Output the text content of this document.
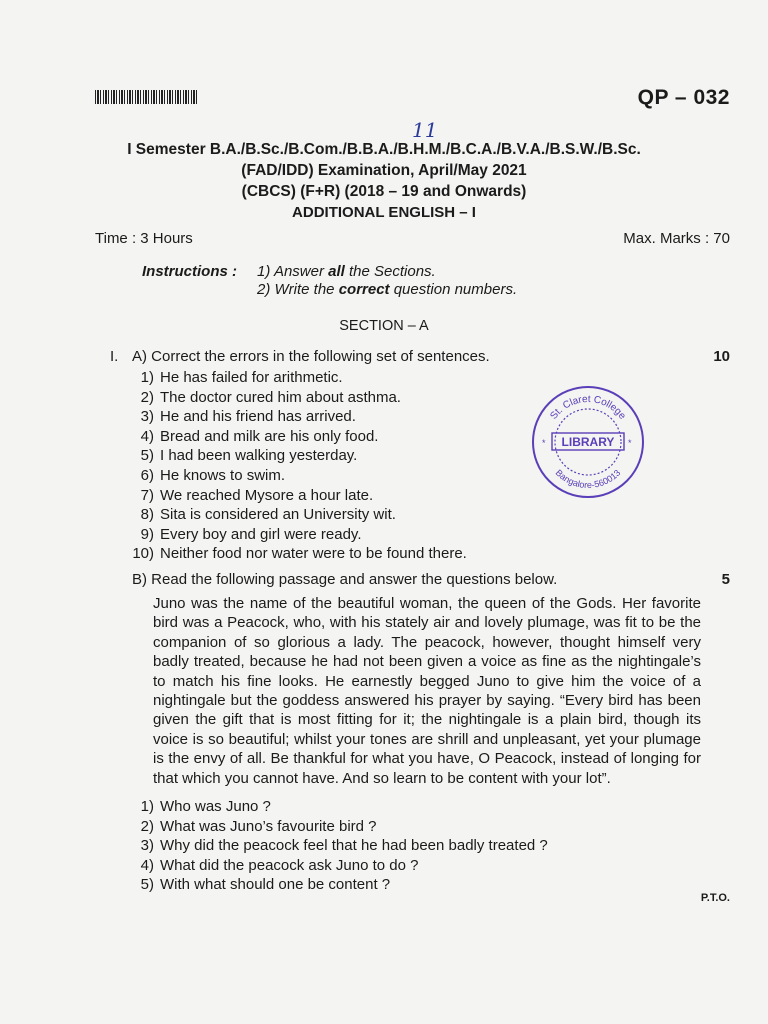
QP – 032
11
I Semester B.A./B.Sc./B.Com./B.B.A./B.H.M./B.C.A./B.V.A./B.S.W./B.Sc.
(FAD/IDD) Examination, April/May 2021
(CBCS) (F+R) (2018 – 19 and Onwards)
ADDITIONAL ENGLISH – I
Time : 3 Hours	Max. Marks : 70
Instructions : 1) Answer all the Sections.
2) Write the correct question numbers.
SECTION – A
I. A) Correct the errors in the following set of sentences.	10
1) He has failed for arithmetic.
2) The doctor cured him about asthma.
3) He and his friend has arrived.
4) Bread and milk are his only food.
5) I had been walking yesterday.
6) He knows to swim.
7) We reached Mysore a hour late.
8) Sita is considered an University wit.
9) Every boy and girl were ready.
10) Neither food nor water were to be found there.
B) Read the following passage and answer the questions below.	5
Juno was the name of the beautiful woman, the queen of the Gods. Her favorite bird was a Peacock, who, with his stately air and lovely plumage, was fit to be the companion of so glorious a lady. The peacock, however, thought himself very badly treated, because he had not been given a voice as fine as the nightingale’s to match his fine looks. He earnestly begged Juno to give him the voice of a nightingale but the goddess answered his prayer by saying. “Every bird has been given the gift that is most fitting for it; the nightingale is a plain bird, though its voice is so beautiful; whilst your tones are shrill and unpleasant, yet your plumage is the envy of all. Be thankful for what you have, O Peacock, instead of longing for that which you cannot have. And so learn to be content with your lot”.
1) Who was Juno ?
2) What was Juno’s favourite bird ?
3) Why did the peacock feel that he had been badly treated ?
4) What did the peacock ask Juno to do ?
5) With what should one be content ?
St. Claret College
Bangalore-560013
LIBRARY
*	*
P.T.O.
